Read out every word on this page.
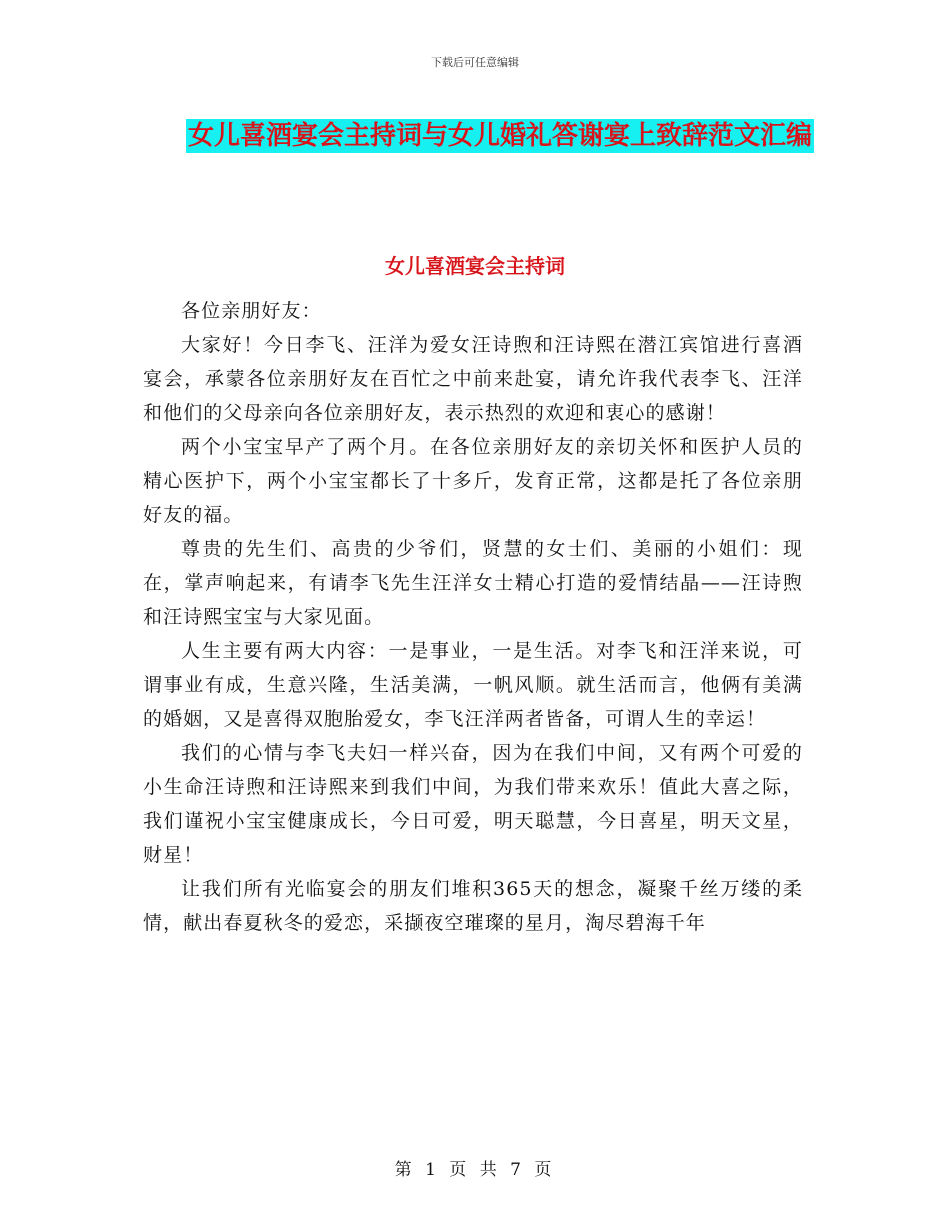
下载后可任意编辑
女儿喜酒宴会主持词与女儿婚礼答谢宴上致辞范文汇编
女儿喜酒宴会主持词

各位亲朋好友：

大家好！今日李飞、汪洋为爱女汪诗煦和汪诗熙在潜江宾馆进行喜酒宴会，承蒙各位亲朋好友在百忙之中前来赴宴，请允许我代表李飞、汪洋和他们的父母亲向各位亲朋好友，表示热烈的欢迎和衷心的感谢！

两个小宝宝早产了两个月。在各位亲朋好友的亲切关怀和医护人员的精心医护下，两个小宝宝都长了十多斤，发育正常，这都是托了各位亲朋好友的福。

尊贵的先生们、高贵的少爷们，贤慧的女士们、美丽的小姐们：现在，掌声响起来，有请李飞先生汪洋女士精心打造的爱情结晶——汪诗煦和汪诗熙宝宝与大家见面。

人生主要有两大内容：一是事业，一是生活。对李飞和汪洋来说，可谓事业有成，生意兴隆，生活美满，一帆风顺。就生活而言，他俩有美满的婚姻，又是喜得双胞胎爱女，李飞汪洋两者皆备，可谓人生的幸运！

我们的心情与李飞夫妇一样兴奋，因为在我们中间，又有两个可爱的小生命汪诗煦和汪诗熙来到我们中间，为我们带来欢乐！值此大喜之际，我们谨祝小宝宝健康成长，今日可爱，明天聪慧，今日喜星，明天文星，财星！

让我们所有光临宴会的朋友们堆积365天的想念，凝聚千丝万缕的柔情，献出春夏秋冬的爱恋，采撷夜空璀璨的星月，淘尽碧海千年

第 1 页 共 7 页
